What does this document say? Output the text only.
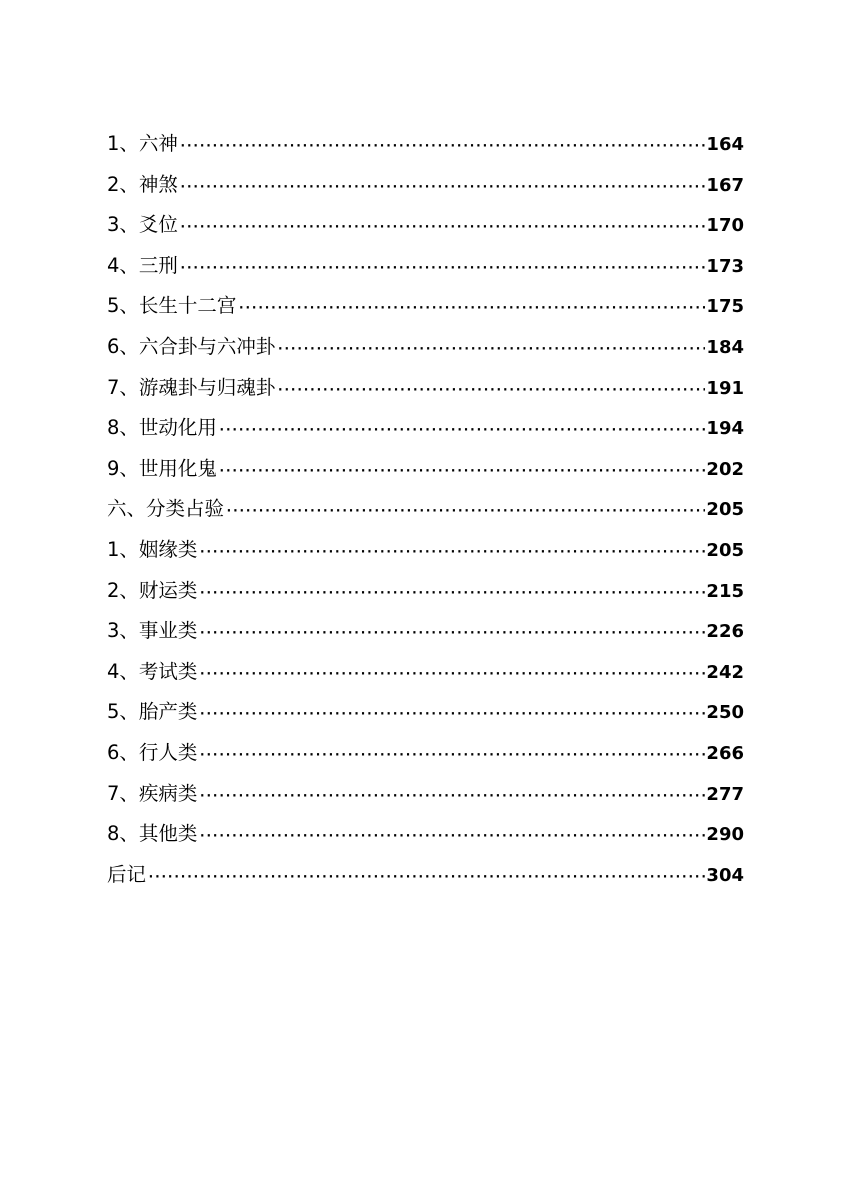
1、六神 ·····	164
2、神煞 ·····	167
3、爻位 ·····	170
4、三刑 ·····	173
5、长生十二宫 ·····	175
6、六合卦与六冲卦 ·····	184
7、游魂卦与归魂卦 ·····	191
8、世动化用 ·····	194
9、世用化鬼 ·····	202
六、分类占验 ·····	205
1、姻缘类 ·····	205
2、财运类 ·····	215
3、事业类 ·····	226
4、考试类 ·····	242
5、胎产类 ·····	250
6、行人类 ·····	266
7、疾病类 ·····	277
8、其他类 ·····	290
后记 ·····	304
